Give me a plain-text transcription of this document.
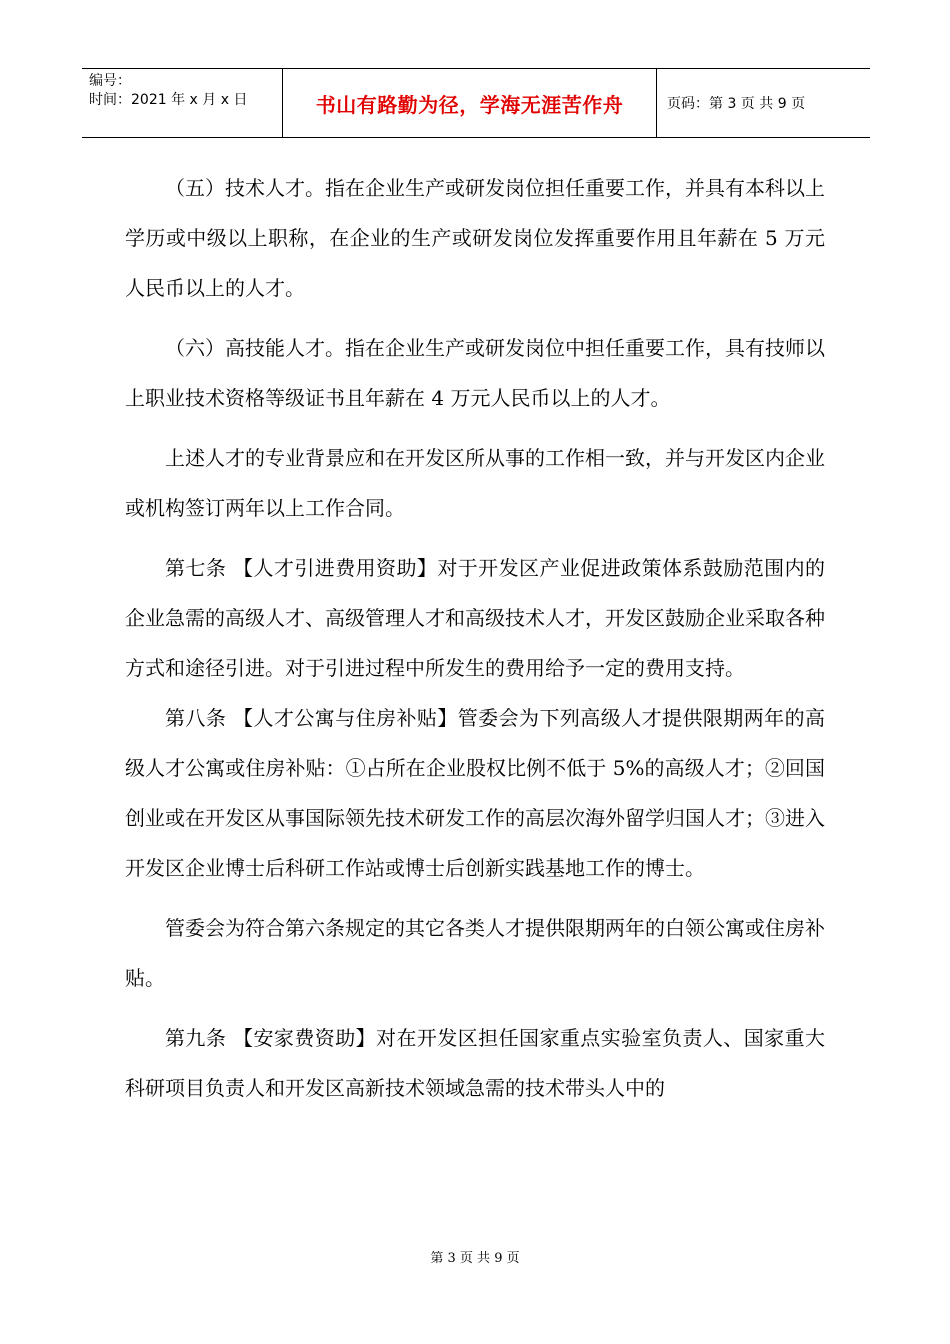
编号：
时间：2021 年 x 月 x 日	书山有路勤为径，学海无涯苦作舟	页码：第 3 页 共 9 页

（五）技术人才。指在企业生产或研发岗位担任重要工作，并具有本科以上学历或中级以上职称，在企业的生产或研发岗位发挥重要作用且年薪在 5 万元人民币以上的人才。

（六）高技能人才。指在企业生产或研发岗位中担任重要工作，具有技师以上职业技术资格等级证书且年薪在 4 万元人民币以上的人才。

上述人才的专业背景应和在开发区所从事的工作相一致，并与开发区内企业或机构签订两年以上工作合同。

第七条 【人才引进费用资助】对于开发区产业促进政策体系鼓励范围内的企业急需的高级人才、高级管理人才和高级技术人才，开发区鼓励企业采取各种方式和途径引进。对于引进过程中所发生的费用给予一定的费用支持。

第八条 【人才公寓与住房补贴】管委会为下列高级人才提供限期两年的高级人才公寓或住房补贴：①占所在企业股权比例不低于 5%的高级人才；②回国创业或在开发区从事国际领先技术研发工作的高层次海外留学归国人才；③进入开发区企业博士后科研工作站或博士后创新实践基地工作的博士。

管委会为符合第六条规定的其它各类人才提供限期两年的白领公寓或住房补贴。

第九条 【安家费资助】对在开发区担任国家重点实验室负责人、国家重大科研项目负责人和开发区高新技术领域急需的技术带头人中的

第 3 页 共 9 页
